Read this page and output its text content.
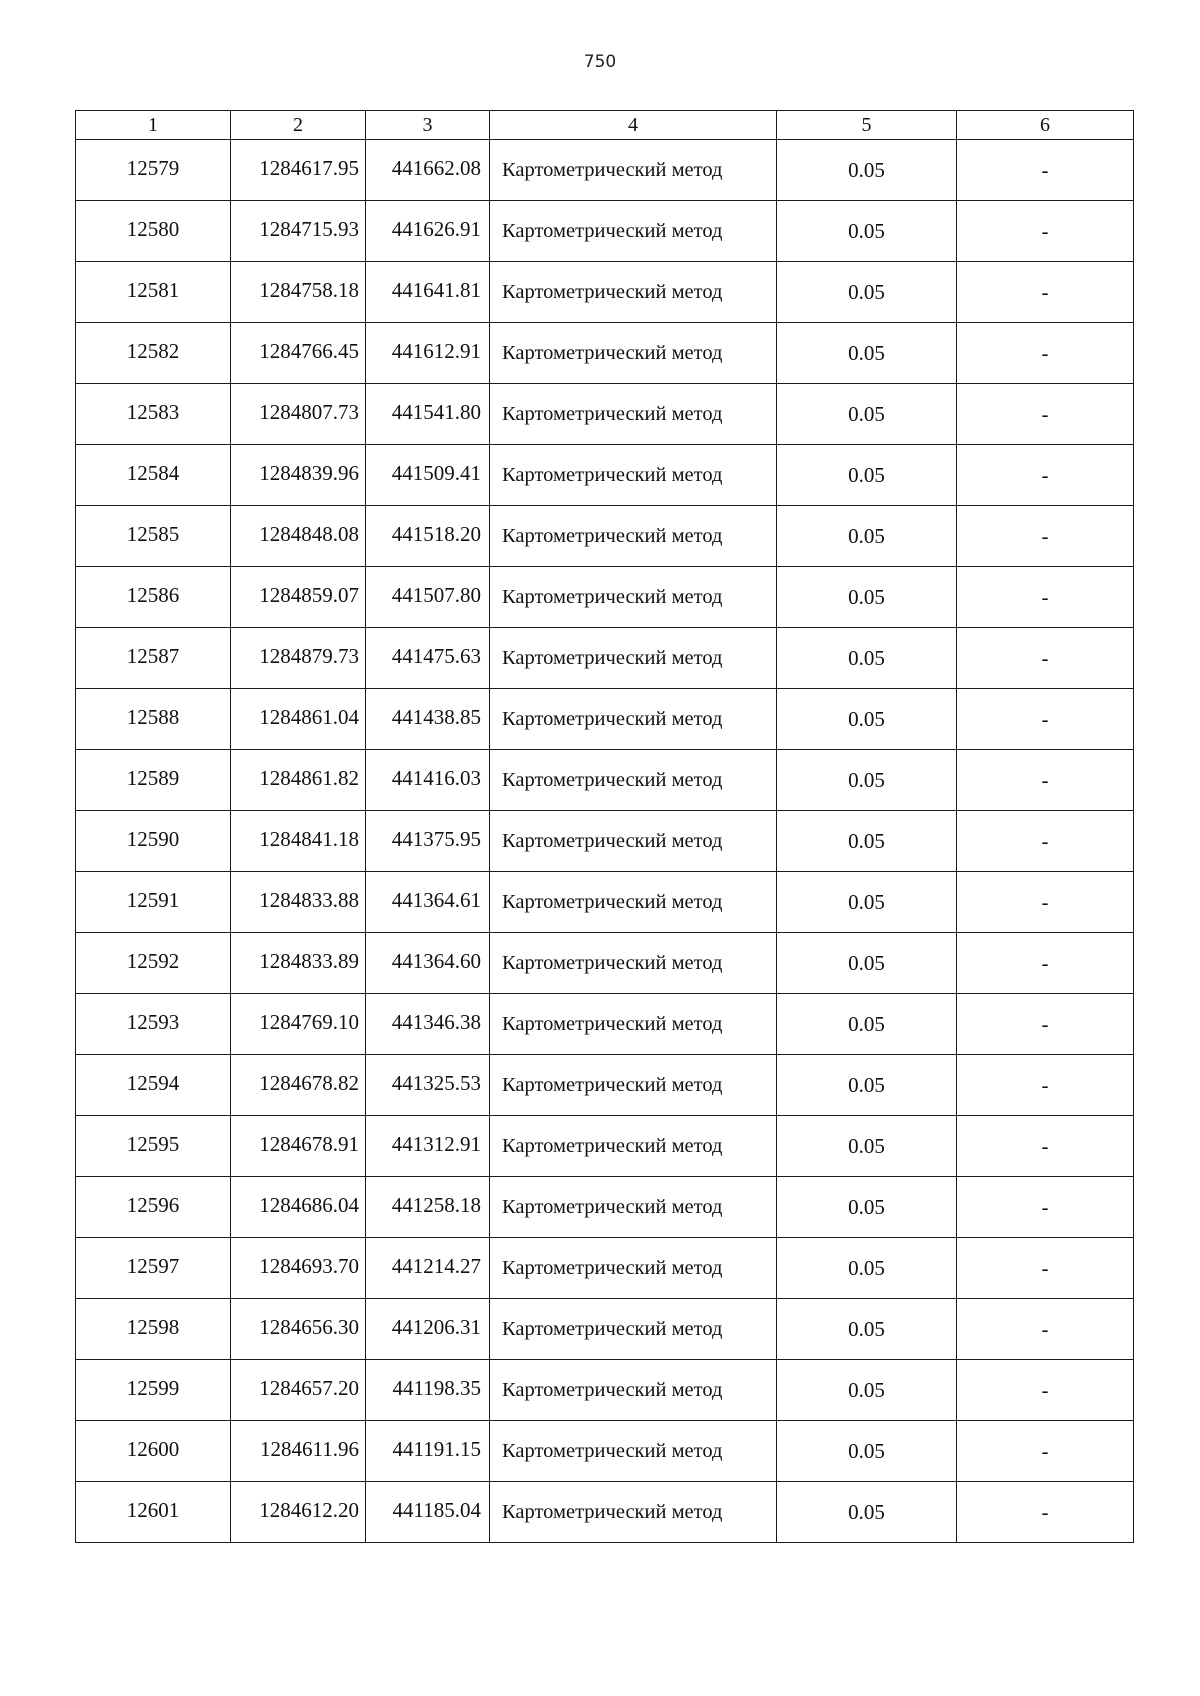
750
1	2	3	4	5	6
12579	1284617.95	441662.08	Картометрический метод	0.05	-
12580	1284715.93	441626.91	Картометрический метод	0.05	-
12581	1284758.18	441641.81	Картометрический метод	0.05	-
12582	1284766.45	441612.91	Картометрический метод	0.05	-
12583	1284807.73	441541.80	Картометрический метод	0.05	-
12584	1284839.96	441509.41	Картометрический метод	0.05	-
12585	1284848.08	441518.20	Картометрический метод	0.05	-
12586	1284859.07	441507.80	Картометрический метод	0.05	-
12587	1284879.73	441475.63	Картометрический метод	0.05	-
12588	1284861.04	441438.85	Картометрический метод	0.05	-
12589	1284861.82	441416.03	Картометрический метод	0.05	-
12590	1284841.18	441375.95	Картометрический метод	0.05	-
12591	1284833.88	441364.61	Картометрический метод	0.05	-
12592	1284833.89	441364.60	Картометрический метод	0.05	-
12593	1284769.10	441346.38	Картометрический метод	0.05	-
12594	1284678.82	441325.53	Картометрический метод	0.05	-
12595	1284678.91	441312.91	Картометрический метод	0.05	-
12596	1284686.04	441258.18	Картометрический метод	0.05	-
12597	1284693.70	441214.27	Картометрический метод	0.05	-
12598	1284656.30	441206.31	Картометрический метод	0.05	-
12599	1284657.20	441198.35	Картометрический метод	0.05	-
12600	1284611.96	441191.15	Картометрический метод	0.05	-
12601	1284612.20	441185.04	Картометрический метод	0.05	-
